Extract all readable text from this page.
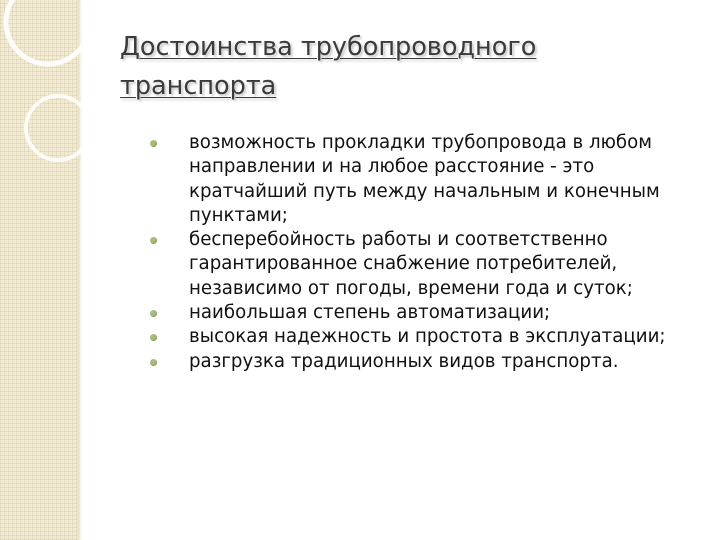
Достоинства трубопроводного
транспорта
возможность прокладки трубопровода в любом направлении и на любое расстояние - это кратчайший путь между начальным и конечным пунктами;
бесперебойность работы и соответственно гарантированное снабжение потребителей, независимо от погоды, времени года и суток;
наибольшая степень автоматизации;
высокая надежность и простота в эксплуатации;
разгрузка традиционных видов транспорта.
